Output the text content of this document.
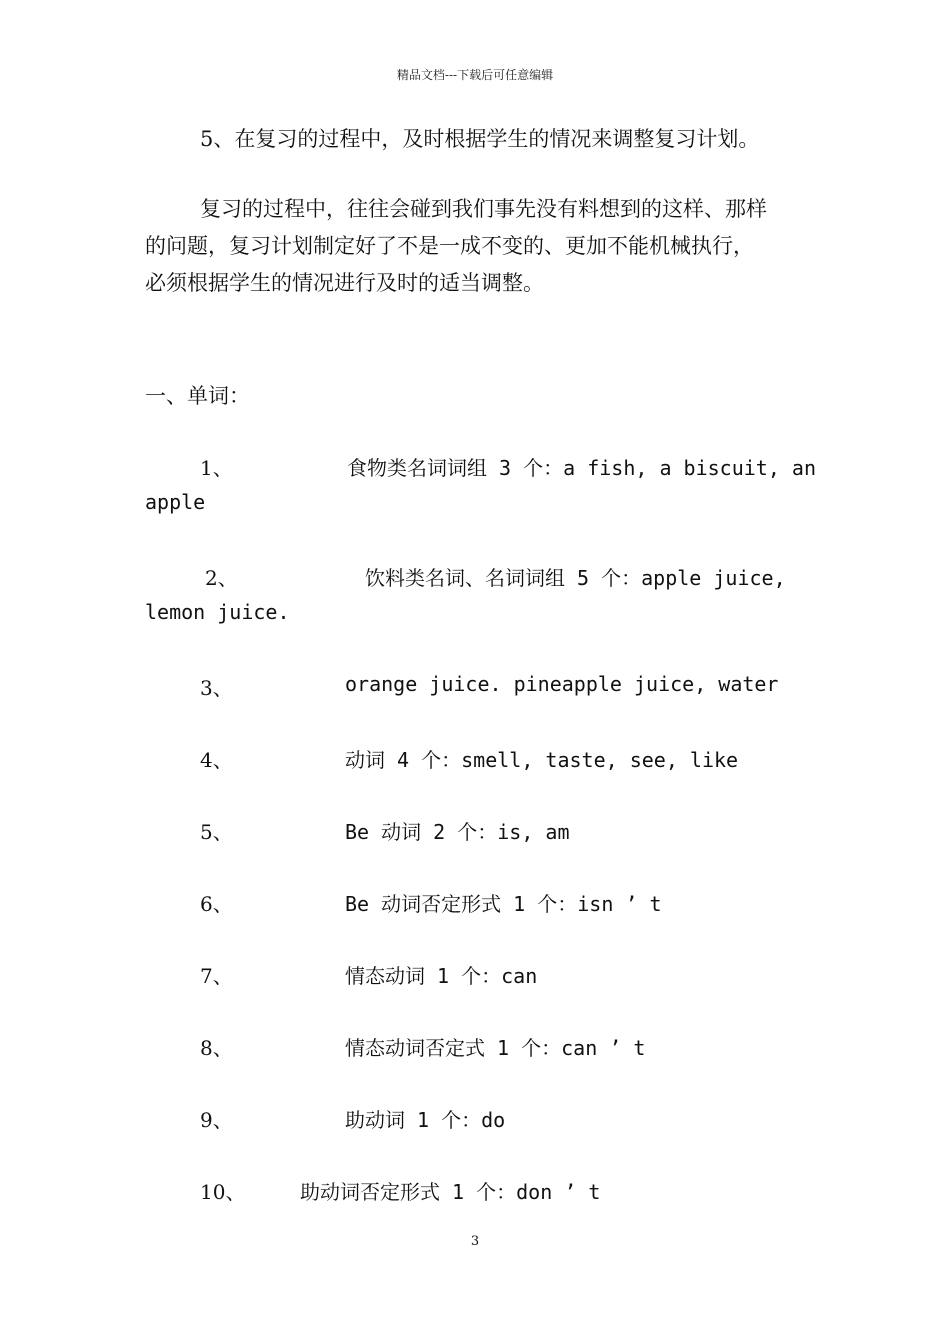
精品文档---下载后可任意编辑

5、在复习的过程中，及时根据学生的情况来调整复习计划。

复习的过程中，往往会碰到我们事先没有料想到的这样、那样

的问题，复习计划制定好了不是一成不变的、更加不能机械执行，

必须根据学生的情况进行及时的适当调整。

一、单词：

1、	食物类名词词组 3 个：a fish, a biscuit, an
apple
2、	饮料类名词、名词词组 5 个：apple juice,
lemon juice.
3、	orange juice. pineapple juice, water
4、	动词 4 个：smell, taste, see, like
5、	Be 动词 2 个：is, am
6、	Be 动词否定形式 1 个：isn ’ t
7、	情态动词 1 个：can
8、	情态动词否定式 1 个：can ’ t
9、	助动词 1 个：do
10、	助动词否定形式 1 个：don ’ t
3
